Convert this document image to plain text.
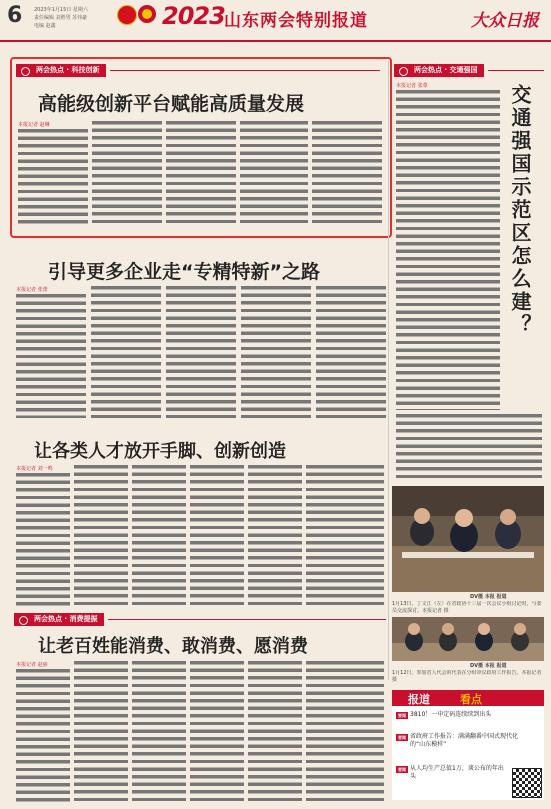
6 2023年1月15日 星期六
责任编辑 刘胜男 苏伟豪
电编 赵鑫	2023 山东两会特别报道	大众日报
两会热点 · 科技创新
高能级创新平台赋能高质量发展
本报记者 赵琳
引导更多企业走“专精特新”之路
本报记者 张蕾
让各类人才放开手脚、创新创造
本报记者 刘一鸣
两会热点 · 消费提振
让老百姓能消费、敢消费、愿消费
本报记者 赵丽
两会热点 · 交通强国
本报记者 张尊	交通强国示范区怎么建？
DV摄 本报 报道
1月13日，丁文江（左）在省政协十三届一次会议小组讨论时，与委员交流探讨。本报记者 摄
DV摄 本报 报道
1月12日，参加省人代会的代表在分组审议政府工作报告。本报记者 摄
报道	看点
要闻 3810！一申定码连续续到出头
要闻 省政府工作报告：满满翻番中国式现代化的“山东模样”
要闻 从人均生产总值1万，谈公布的年出头
